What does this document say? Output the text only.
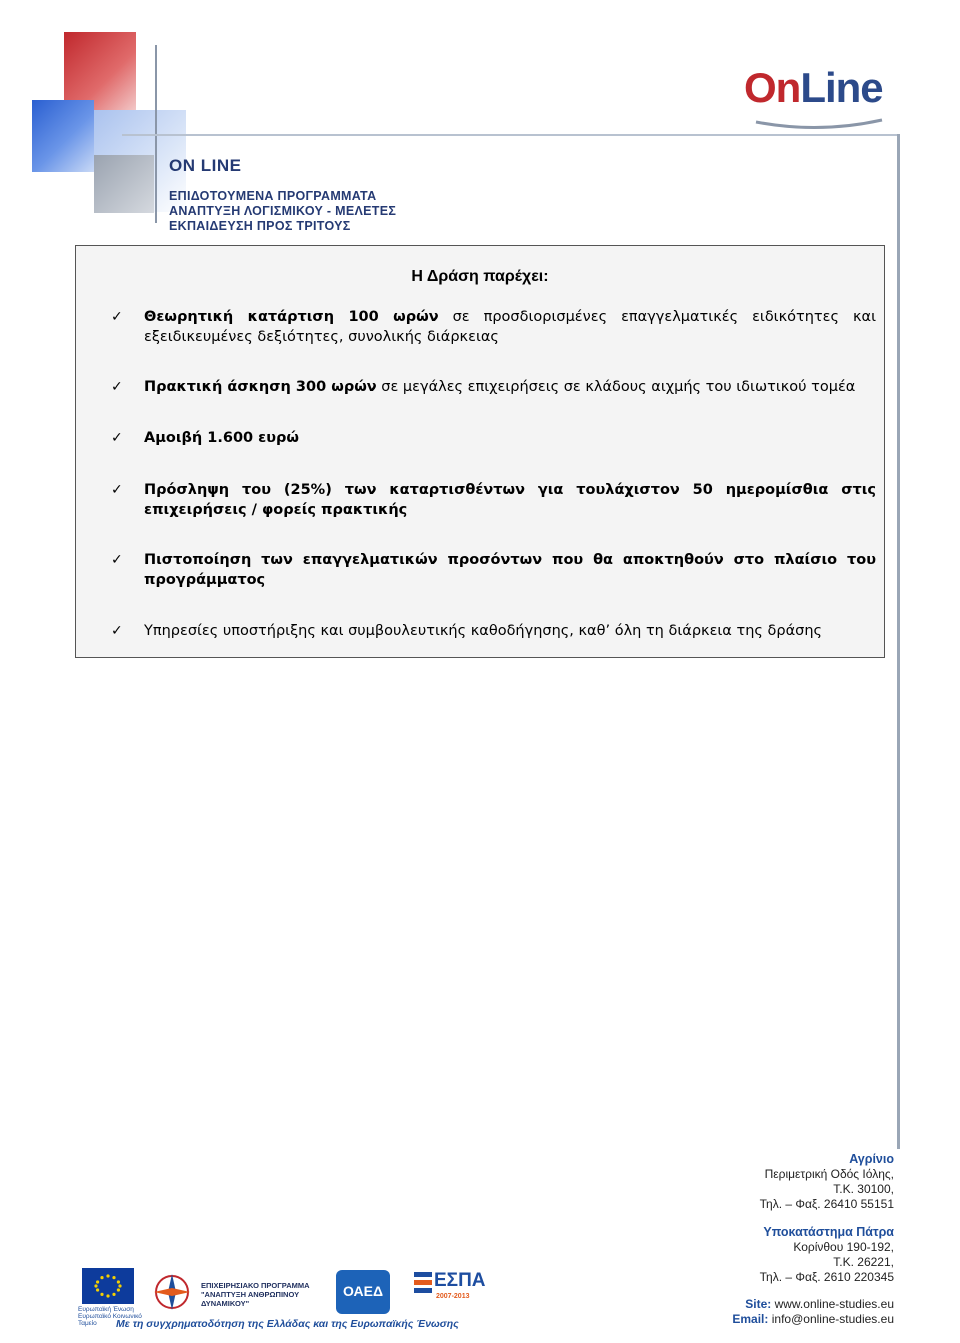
ON LINE
ΕΠΙΔΟΤΟΥΜΕΝΑ ΠΡΟΓΡΑΜΜΑΤΑ
ΑΝΑΠΤΥΞΗ ΛΟΓΙΣΜΙΚΟΥ - ΜΕΛΕΤΕΣ
ΕΚΠΑΙΔΕΥΣΗ ΠΡΟΣ ΤΡΙΤΟΥΣ
OnLine
Η Δράση παρέχει:
✓ Θεωρητική κατάρτιση 100 ωρών σε προσδιορισμένες επαγγελματικές ειδικότητες και εξειδικευμένες δεξιότητες, συνολικής διάρκειας
✓ Πρακτική άσκηση 300 ωρών σε μεγάλες επιχειρήσεις σε κλάδους αιχμής του ιδιωτικού τομέα
✓ Αμοιβή 1.600 ευρώ
✓ Πρόσληψη του (25%) των καταρτισθέντων για τουλάχιστον 50 ημερομίσθια στις επιχειρήσεις / φορείς πρακτικής
✓ Πιστοποίηση των επαγγελματικών προσόντων που θα αποκτηθούν στο πλαίσιο του προγράμματος
✓ Υπηρεσίες υποστήριξης και συμβουλευτικής καθοδήγησης, καθ’ όλη τη διάρκεια της δράσης
Αγρίνιο
Περιμετρική Οδός Ιόλης,
Τ.Κ. 30100,
Τηλ. – Φαξ. 26410 55151
Υποκατάστημα Πάτρα
Κορίνθου 190-192,
Τ.Κ. 26221,
Τηλ. – Φαξ. 2610 220345
Site: www.online-studies.eu
Email: info@online-studies.eu
Ευρωπαϊκή Ένωση
Ευρωπαϊκό Κοινωνικό Ταμείο
ΕΠΙΧΕΙΡΗΣΙΑΚΟ ΠΡΟΓΡΑΜΜΑ
"ΑΝΑΠΤΥΞΗ ΑΝΘΡΩΠΙΝΟΥ ΔΥΝΑΜΙΚΟΥ"
ΟΑΕΔ	ΕΣΠΑ
2007-2013
Με τη συγχρηματοδότηση της Ελλάδας και της Ευρωπαϊκής Ένωσης
